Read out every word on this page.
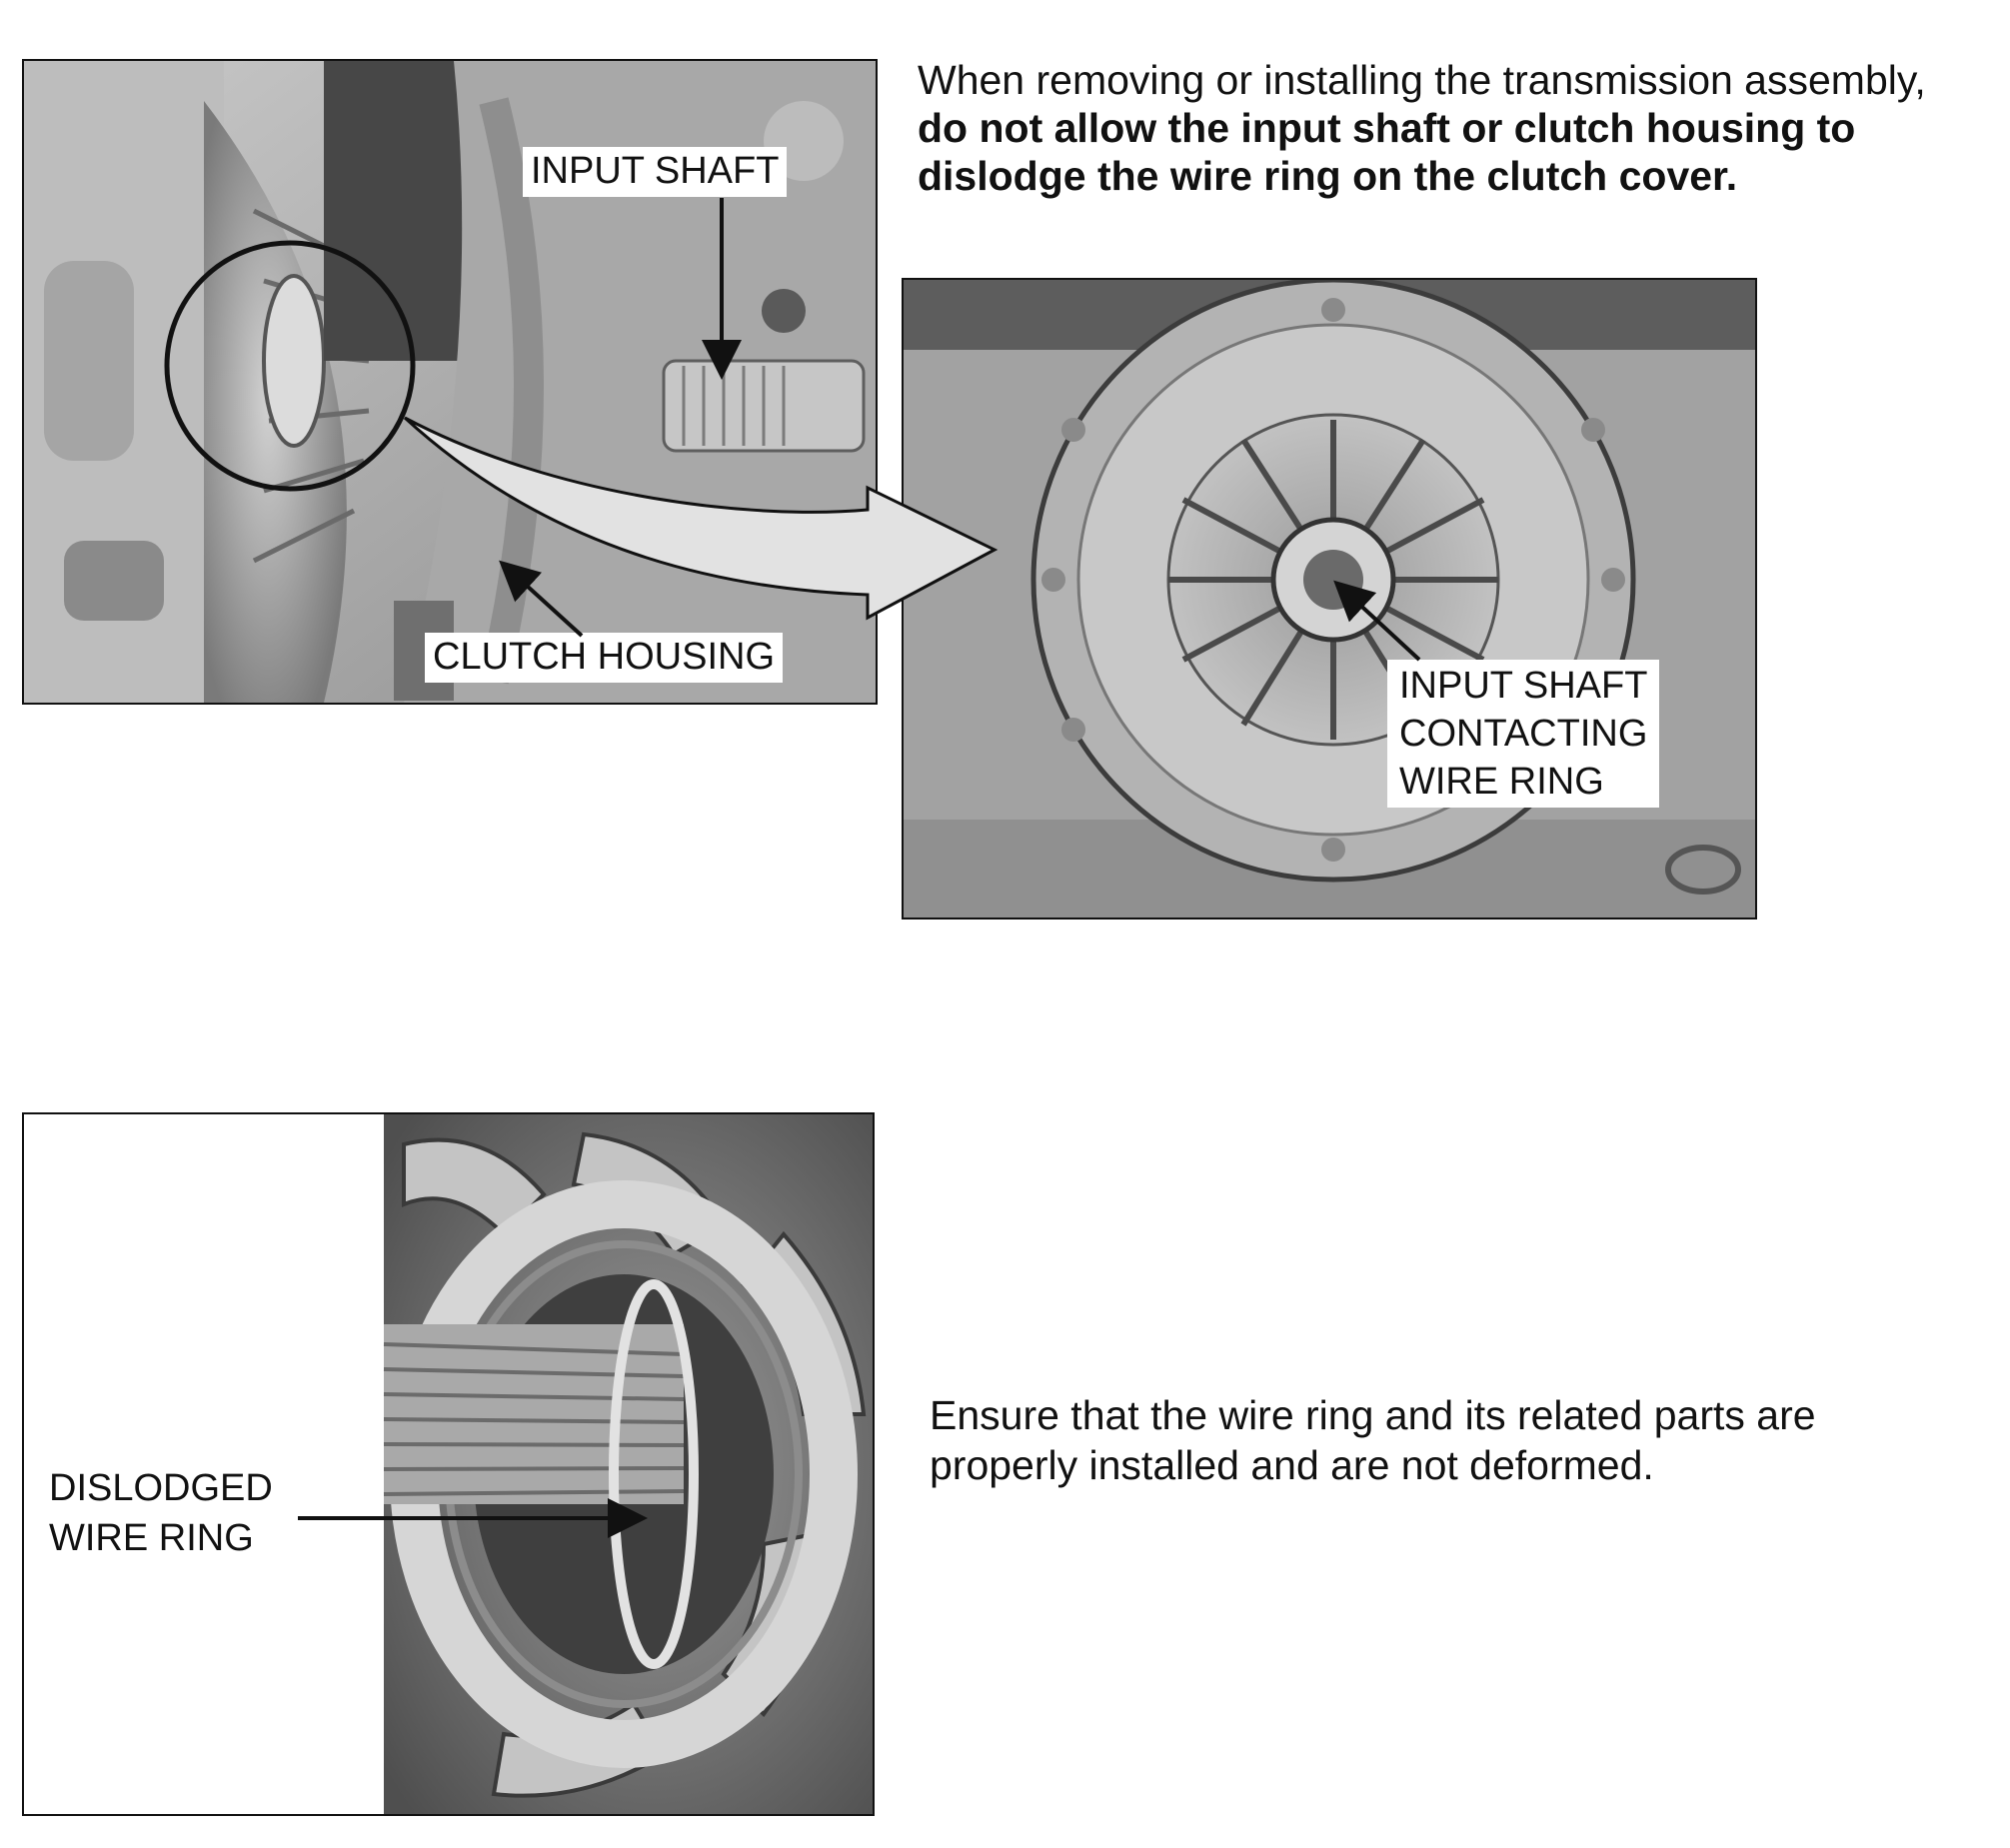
When removing or installing the transmission assembly,
do not allow the input shaft or clutch housing to
dislodge the wire ring on the clutch cover.
INPUT SHAFT
CLUTCH HOUSING
INPUT SHAFT
CONTACTING
WIRE RING
DISLODGED
WIRE RING
Ensure that the wire ring and its related parts are
properly installed and are not deformed.
